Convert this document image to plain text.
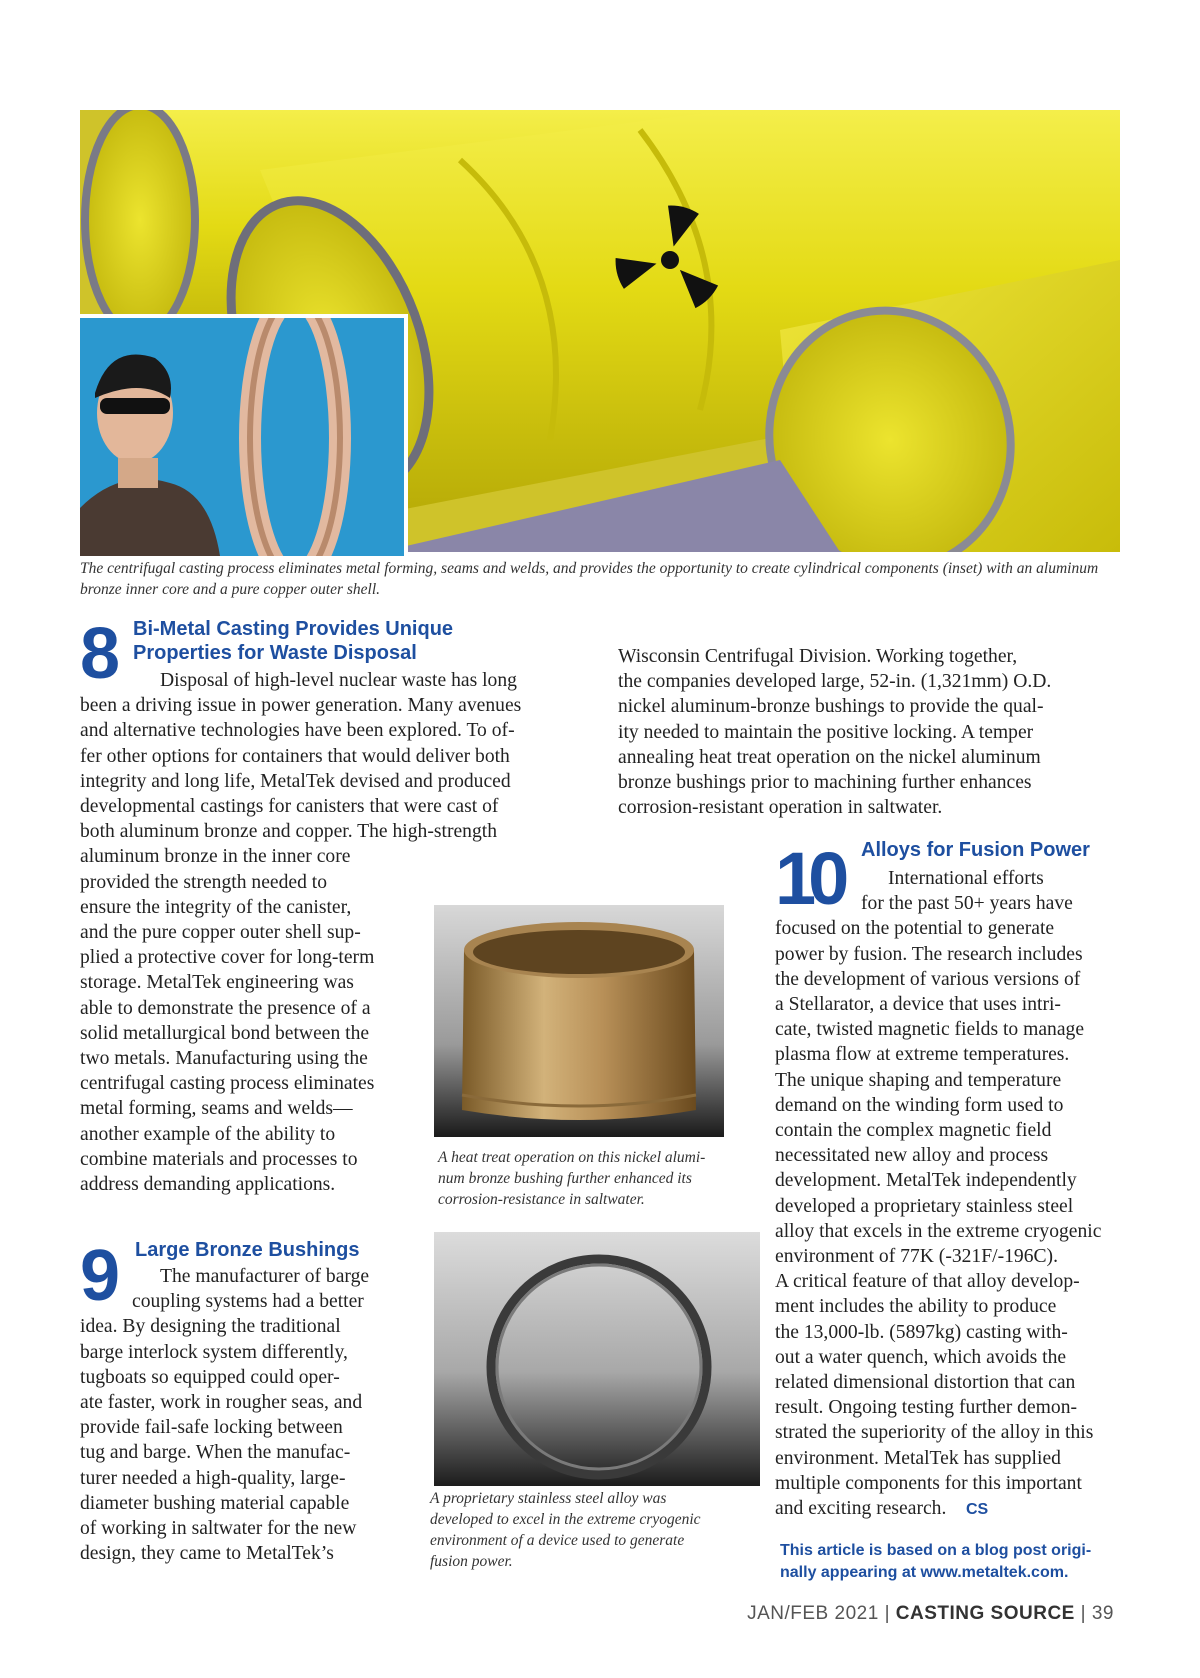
The centrifugal casting process eliminates metal forming, seams and welds, and provides the opportunity to create cylindrical components (inset) with an aluminum bronze inner core and a pure copper outer shell.
8 Bi-Metal Casting Provides Unique
Properties for Waste Disposal
Disposal of high-level nuclear waste has long
been a driving issue in power generation. Many avenues
and alternative technologies have been explored. To of-
fer other options for containers that would deliver both
integrity and long life, MetalTek devised and produced
developmental castings for canisters that were cast of
both aluminum bronze and copper. The high-strength
aluminum bronze in the inner core
provided the strength needed to
ensure the integrity of the canister,
and the pure copper outer shell sup-
plied a protective cover for long-term
storage. MetalTek engineering was
able to demonstrate the presence of a
solid metallurgical bond between the
two metals. Manufacturing using the
centrifugal casting process eliminates
metal forming, seams and welds—
another example of the ability to
combine materials and processes to
address demanding applications.
9 Large Bronze Bushings
The manufacturer of barge
coupling systems had a better
idea. By designing the traditional
barge interlock system differently,
tugboats so equipped could oper-
ate faster, work in rougher seas, and
provide fail-safe locking between
tug and barge. When the manufac-
turer needed a high-quality, large-
diameter bushing material capable
of working in saltwater for the new
design, they came to MetalTek’s
Wisconsin Centrifugal Division. Working together,
the companies developed large, 52-in. (1,321mm) O.D.
nickel aluminum-bronze bushings to provide the qual-
ity needed to maintain the positive locking. A temper
annealing heat treat operation on the nickel aluminum
bronze bushings prior to machining further enhances
corrosion-resistant operation in saltwater.
A heat treat operation on this nickel alumi-
num bronze bushing further enhanced its
corrosion-resistance in saltwater.
A proprietary stainless steel alloy was
developed to excel in the extreme cryogenic
environment of a device used to generate
fusion power.
10 Alloys for Fusion Power
International efforts
for the past 50+ years have
focused on the potential to generate
power by fusion. The research includes
the development of various versions of
a Stellarator, a device that uses intri-
cate, twisted magnetic fields to manage
plasma flow at extreme temperatures.
The unique shaping and temperature
demand on the winding form used to
contain the complex magnetic field
necessitated new alloy and process
development. MetalTek independently
developed a proprietary stainless steel
alloy that excels in the extreme cryogenic
environment of 77K (-321F/-196C).
A critical feature of that alloy develop-
ment includes the ability to produce
the 13,000-lb. (5897kg) casting with-
out a water quench, which avoids the
related dimensional distortion that can
result. Ongoing testing further demon-
strated the superiority of the alloy in this
environment. MetalTek has supplied
multiple components for this important
and exciting research. CS
This article is based on a blog post origi-
nally appearing at www.metaltek.com.
JAN/FEB 2021 | CASTING SOURCE | 39
